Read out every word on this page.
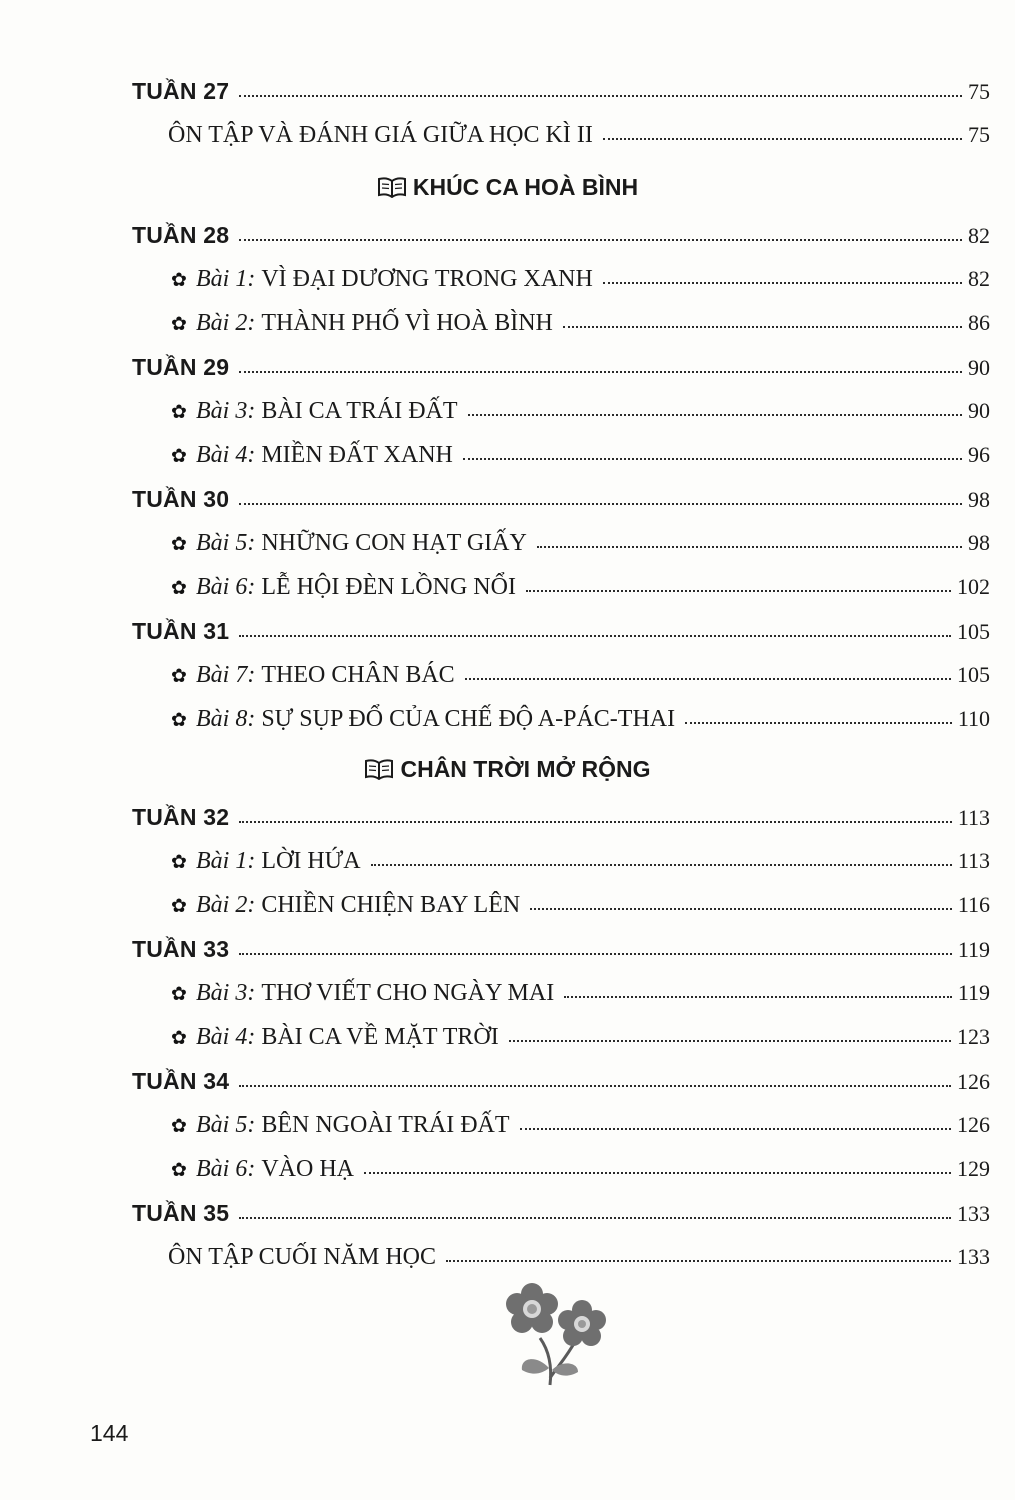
TUẦN 27	75
ÔN TẬP VÀ ĐÁNH GIÁ GIỮA HỌC KÌ II	75
KHÚC CA HOÀ BÌNH
TUẦN 28	82
✿ Bài 1: VÌ ĐẠI DƯƠNG TRONG XANH	82
✿ Bài 2: THÀNH PHỐ VÌ HOÀ BÌNH	86
TUẦN 29	90
✿ Bài 3: BÀI CA TRÁI ĐẤT	90
✿ Bài 4: MIỀN ĐẤT XANH	96
TUẦN 30	98
✿ Bài 5: NHỮNG CON HẠT GIẤY	98
✿ Bài 6: LỄ HỘI ĐÈN LỒNG NỔI	102
TUẦN 31	105
✿ Bài 7: THEO CHÂN BÁC	105
✿ Bài 8: SỰ SỤP ĐỔ CỦA CHẾ ĐỘ A-PÁC-THAI	110
CHÂN TRỜI MỞ RỘNG
TUẦN 32	113
✿ Bài 1: LỜI HỨA	113
✿ Bài 2: CHIỀN CHIỆN BAY LÊN	116
TUẦN 33	119
✿ Bài 3: THƠ VIẾT CHO NGÀY MAI	119
✿ Bài 4: BÀI CA VỀ MẶT TRỜI	123
TUẦN 34	126
✿ Bài 5: BÊN NGOÀI TRÁI ĐẤT	126
✿ Bài 6: VÀO HẠ	129
TUẦN 35	133
ÔN TẬP CUỐI NĂM HỌC	133
144
